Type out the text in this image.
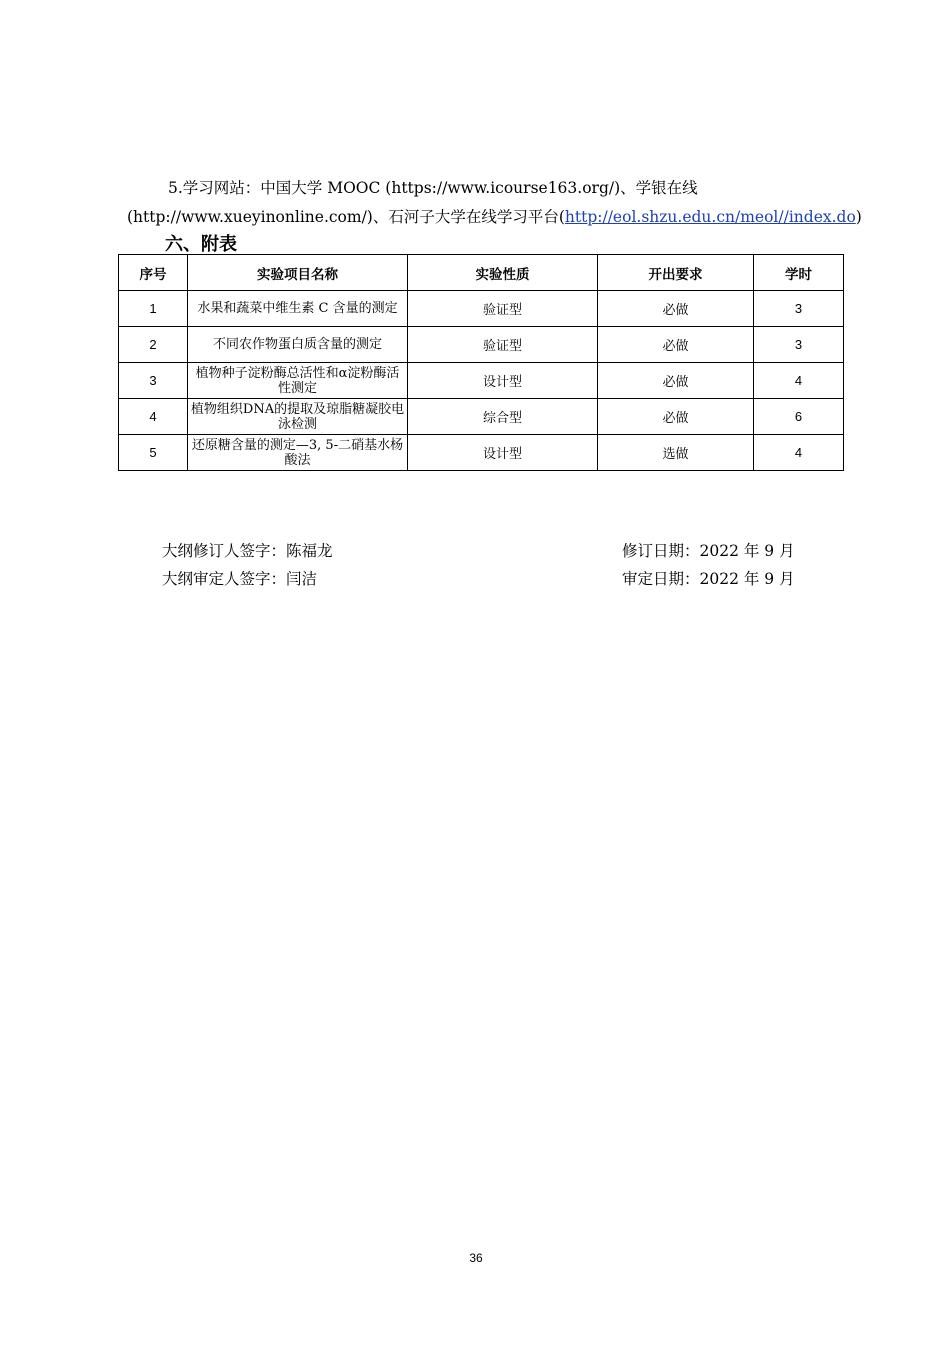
5.学习网站：中国大学 MOOC (https://www.icourse163.org/)、学银在线
(http://www.xueyinonline.com/)、石河子大学在线学习平台(http://eol.shzu.edu.cn/meol//index.do)
六、附表
序号	实验项目名称	实验性质	开出要求	学时
1	水果和蔬菜中维生素 C 含量的测定	验证型	必做	3
2	不同农作物蛋白质含量的测定	验证型	必做	3
3	植物种子淀粉酶总活性和α淀粉酶活性测定	设计型	必做	4
4	植物组织DNA的提取及琼脂糖凝胶电泳检测	综合型	必做	6
5	还原糖含量的测定—3, 5-二硝基水杨酸法	设计型	选做	4
大纲修订人签字：陈福龙
大纲审定人签字：闫洁
修订日期：2022 年 9 月
审定日期：2022 年 9 月
36
